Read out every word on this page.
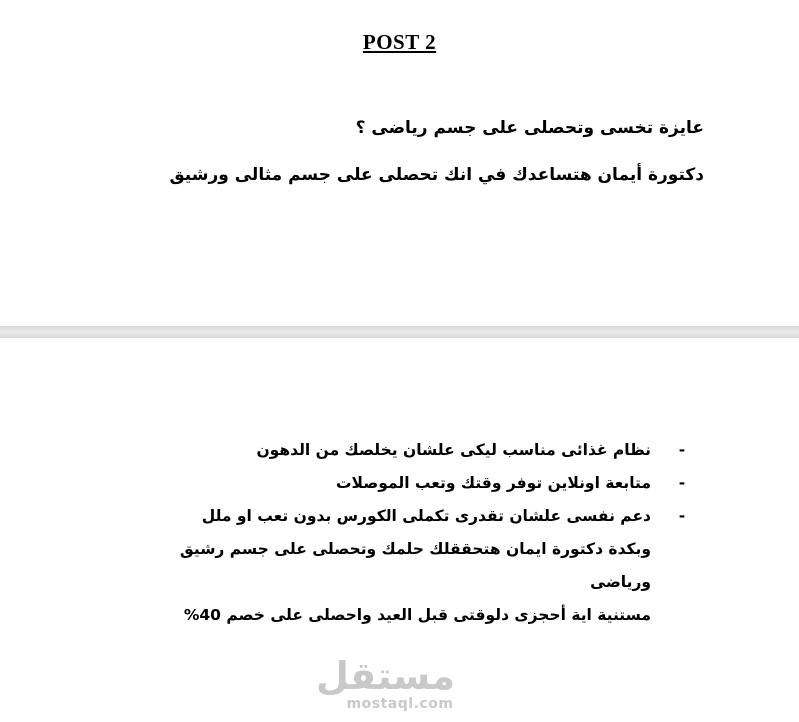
POST 2
عايزة تخسى وتحصلى على جسم رياضى ؟
دكتورة أيمان هتساعدك في انك تحصلى على جسم مثالى ورشيق
-
نظام غذائى مناسب ليكى علشان يخلصك من الدهون
-
متابعة اونلاين توفر وقتك وتعب الموصلات
-
دعم نفسى علشان تقدرى تكملى الكورس بدون تعب او ملل
وبكدة دكتورة ايمان هتحققلك حلمك وتحصلى على جسم رشيق ورياضى
مستنية اية أحجزى دلوقتى قبل العيد واحصلى على خصم 40%
مستقل
mostaql.com
